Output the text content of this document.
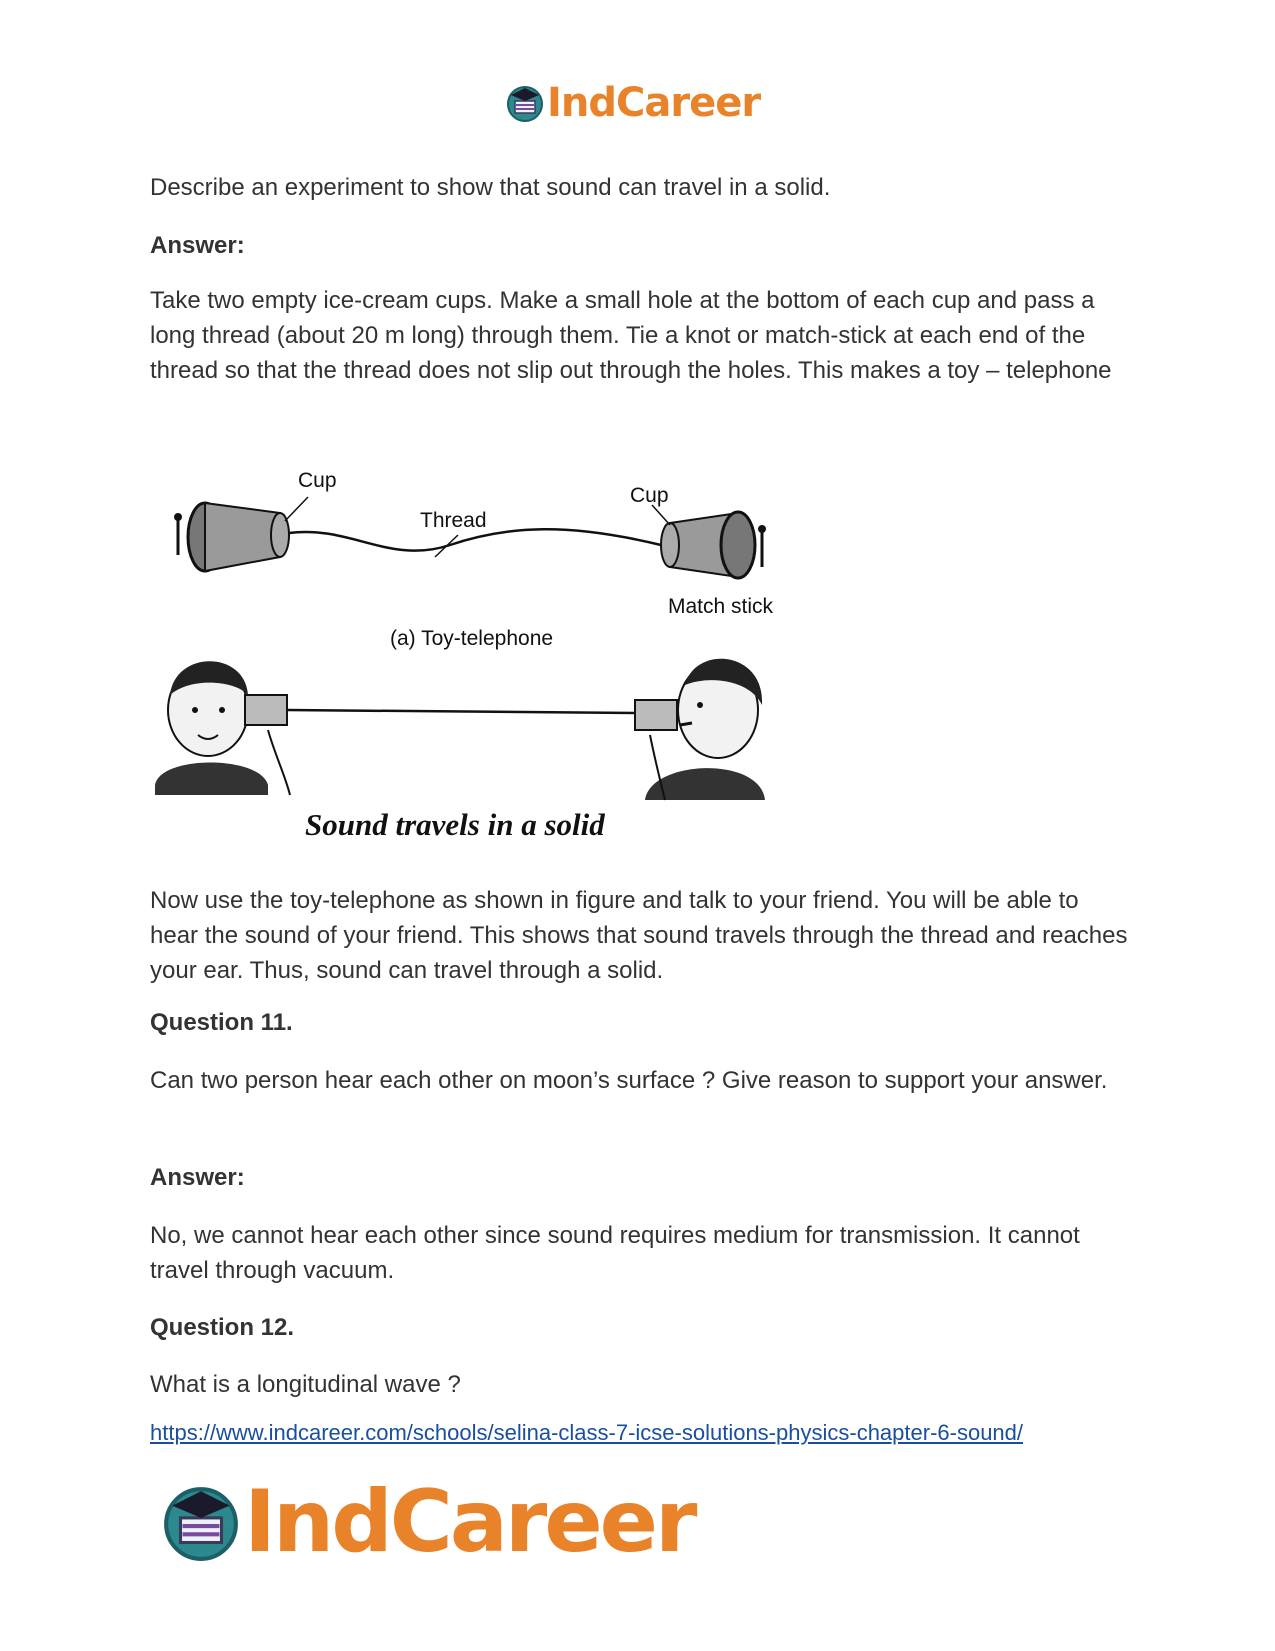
IndCareer

Describe an experiment to show that sound can travel in a solid.

Answer:

Take two empty ice-cream cups. Make a small hole at the bottom of each cup and pass a long thread (about 20 m long) through them. Tie a knot or match-stick at each end of the thread so that the thread does not slip out through the holes. This makes a toy – telephone

Cup
Thread
Cup
Match stick
(a) Toy-telephone
Sound travels in a solid

Now use the toy-telephone as shown in figure and talk to your friend. You will be able to hear the sound of your friend. This shows that sound travels through the thread and reaches your ear. Thus, sound can travel through a solid.

Question 11.

Can two person hear each other on moon’s surface ? Give reason to support your answer.

Answer:

No, we cannot hear each other since sound requires medium for transmission. It cannot travel through vacuum.

Question 12.

What is a longitudinal wave ?

https://www.indcareer.com/schools/selina-class-7-icse-solutions-physics-chapter-6-sound/
IndCareer
